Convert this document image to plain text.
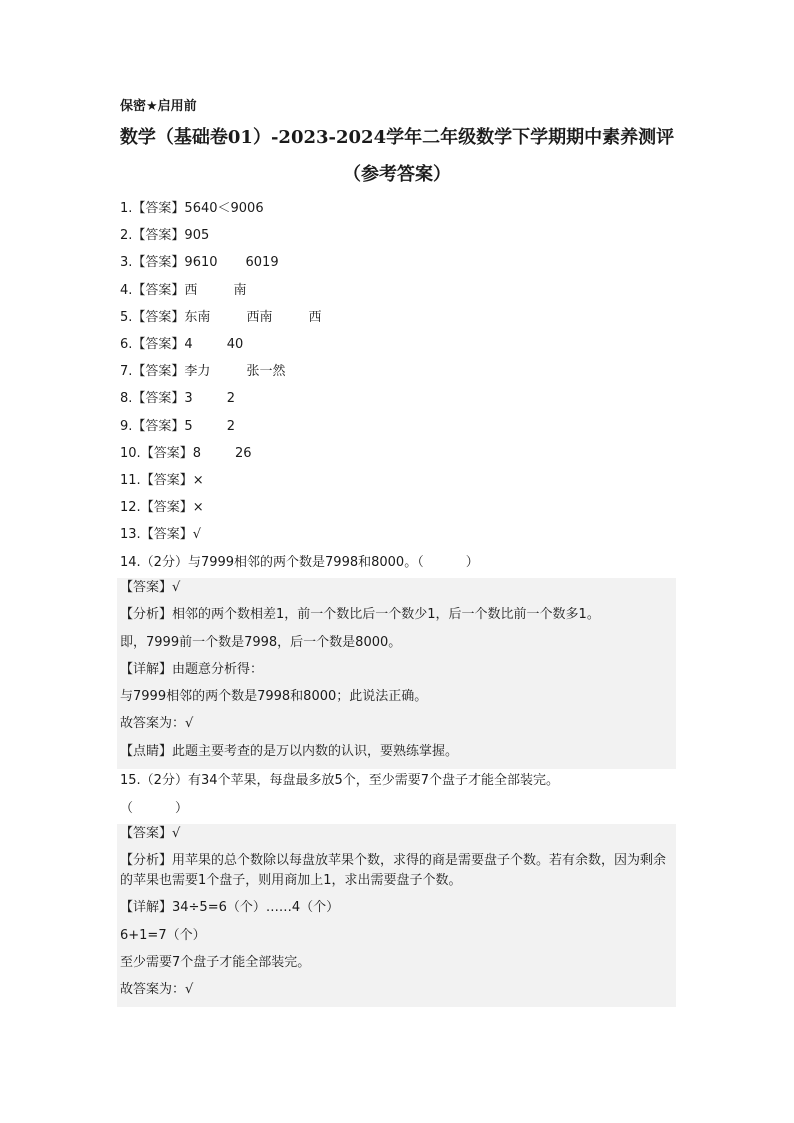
保密★启用前
数学（基础卷01）-2023-2024学年二年级数学下学期期中素养测评
（参考答案）
1.【答案】5640＜9006
2.【答案】905
3.【答案】9610 6019
4.【答案】西	南
5.【答案】东南	西南	西
6.【答案】4	40
7.【答案】李力	张一然
8.【答案】3	2
9.【答案】5	2
10.【答案】8	26
11.【答案】×
12.【答案】×
13.【答案】√
14.（2分）与7999相邻的两个数是7998和8000。（	）
【答案】√
【分析】相邻的两个数相差1，前一个数比后一个数少1，后一个数比前一个数多1。
即，7999前一个数是7998，后一个数是8000。
【详解】由题意分析得：
与7999相邻的两个数是7998和8000；此说法正确。
故答案为：√
【点睛】此题主要考查的是万以内数的认识，要熟练掌握。
15.（2分）有34个苹果，每盘最多放5个，至少需要7个盘子才能全部装完。
（	）
【答案】√
【分析】用苹果的总个数除以每盘放苹果个数，求得的商是需要盘子个数。若有余数，因为剩余的苹果也需要1个盘子，则用商加上1，求出需要盘子个数。
【详解】34÷5=6（个）……4（个）
6+1=7（个）
至少需要7个盘子才能全部装完。
故答案为：√
